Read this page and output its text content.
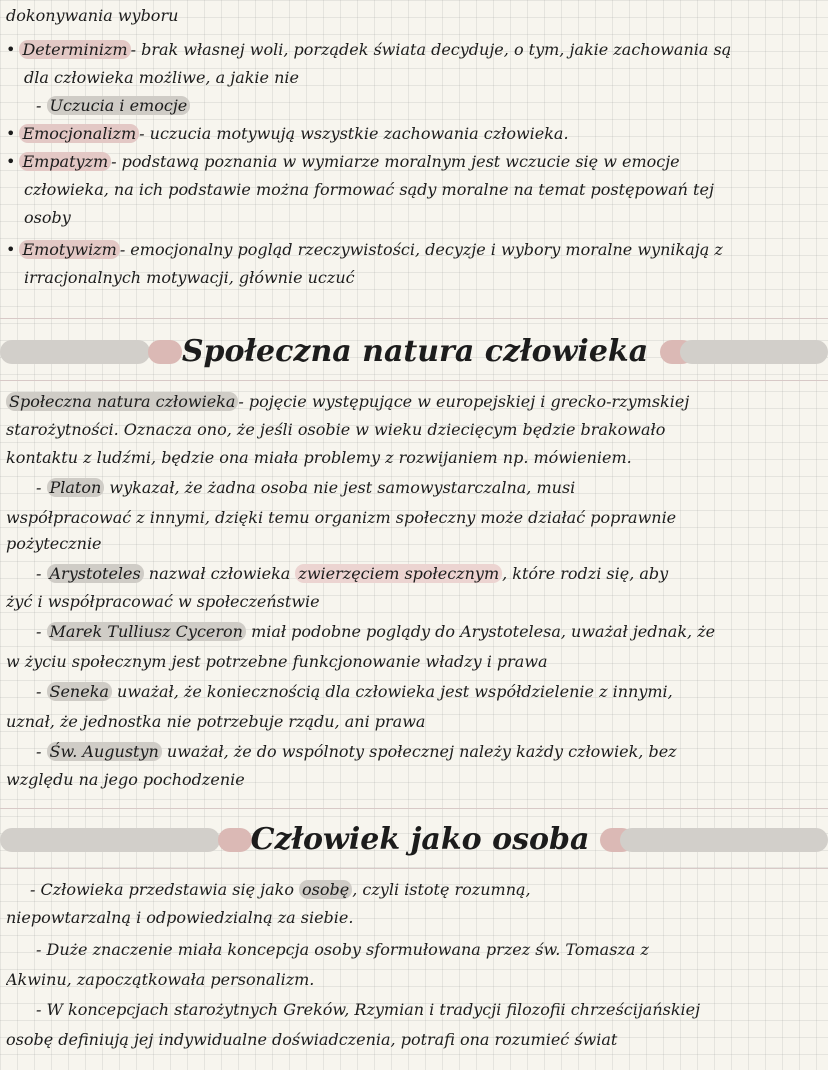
dokonywania wyboru
• Determinizm - brak własnej woli, porządek świata decyduje, o tym, jakie zachowania są
dla człowieka możliwe, a jakie nie
- Uczucia i emocje
• Emocjonalizm - uczucia motywują wszystkie zachowania człowieka.
• Empatyzm - podstawą poznania w wymiarze moralnym jest wczucie się w emocje
człowieka, na ich podstawie można formować sądy moralne na temat postępowań tej
osoby
• Emotywizm - emocjonalny pogląd rzeczywistości, decyzje i wybory moralne wynikają z
irracjonalnych motywacji, głównie uczuć
Społeczna natura człowieka
Społeczna natura człowieka - pojęcie występujące w europejskiej i grecko-rzymskiej
starożytności. Oznacza ono, że jeśli osobie w wieku dziecięcym będzie brakowało
kontaktu z ludźmi, będzie ona miała problemy z rozwijaniem np. mówieniem.
- Platon wykazał, że żadna osoba nie jest samowystarczalna, musi
współpracować z innymi, dzięki temu organizm społeczny może działać poprawnie
pożytecznie
- Arystoteles nazwał człowieka zwierzęciem społecznym , które rodzi się, aby
żyć i współpracować w społeczeństwie
- Marek Tulliusz Cyceron miał podobne poglądy do Arystotelesa, uważał jednak, że
w życiu społecznym jest potrzebne funkcjonowanie władzy i prawa
- Seneka uważał, że koniecznością dla człowieka jest współdzielenie z innymi,
uznał, że jednostka nie potrzebuje rządu, ani prawa
- Św. Augustyn uważał, że do wspólnoty społecznej należy każdy człowiek, bez
względu na jego pochodzenie
Człowiek jako osoba
- Człowieka przedstawia się jako osobę , czyli istotę rozumną,
niepowtarzalną i odpowiedzialną za siebie.
- Duże znaczenie miała koncepcja osoby sformułowana przez św. Tomasza z
Akwinu, zapoczątkowała personalizm.
- W koncepcjach starożytnych Greków, Rzymian i tradycji filozofii chrześcijańskiej
osobę definiują jej indywidualne doświadczenia, potrafi ona rozumieć świat
